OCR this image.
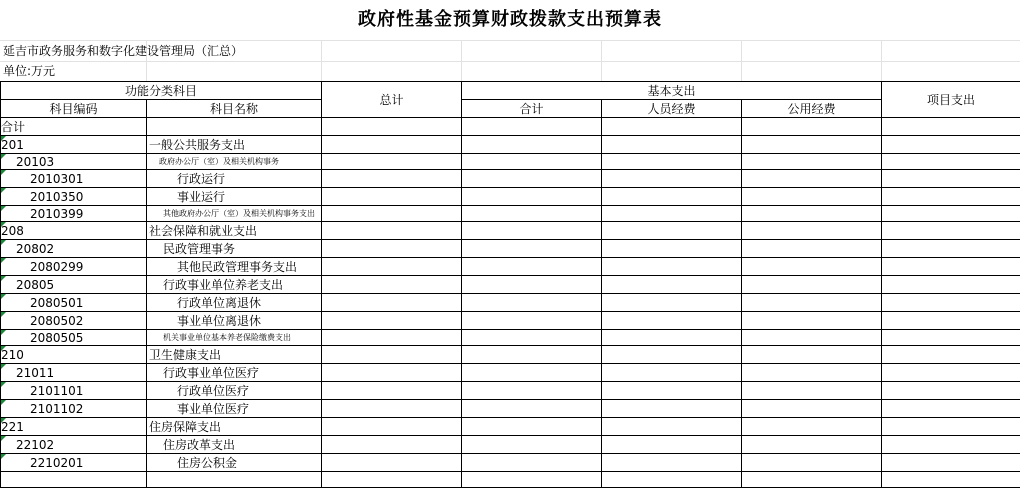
政府性基金预算财政拨款支出预算表
延吉市政务服务和数字化建设管理局（汇总）
单位:万元
功能分类科目		总计	基本支出			项目支出
科目编码	科目名称		合计	人员经费	公用经费	
合计						

201	一般公共服务支出					

20103	政府办公厅（室）及相关机构事务					

2010301	行政运行					

2010350	事业运行					

2010399	其他政府办公厅（室）及相关机构事务支出					

208	社会保障和就业支出					

20802	民政管理事务					

2080299	其他民政管理事务支出					

20805	行政事业单位养老支出					

2080501	行政单位离退休					

2080502	事业单位离退休					

2080505	机关事业单位基本养老保险缴费支出					

210	卫生健康支出					

21011	行政事业单位医疗					

2101101	行政单位医疗					

2101102	事业单位医疗					

221	住房保障支出					

22102	住房改革支出					

2210201	住房公积金					
